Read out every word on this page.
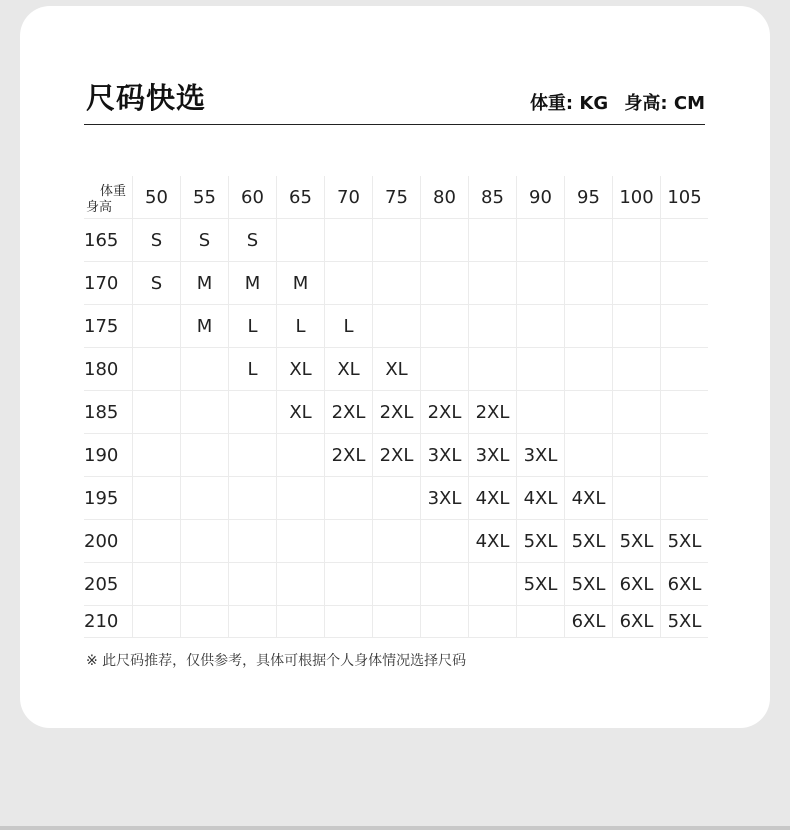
尺码快选	体重: KG 身高: CM
体重
身高	50	55	60	65	70	75	80	85	90	95	100	105
165	S	S	S									
170	S	M	M	M								
175		M	L	L	L							
180			L	XL	XL	XL						
185				XL	2XL	2XL	2XL	2XL				
190					2XL	2XL	3XL	3XL	3XL			
195							3XL	4XL	4XL	4XL		
200								4XL	5XL	5XL	5XL	5XL
205									5XL	5XL	6XL	6XL
210										6XL	6XL	5XL
※ 此尺码推荐，仅供参考，具体可根据个人身体情况选择尺码
